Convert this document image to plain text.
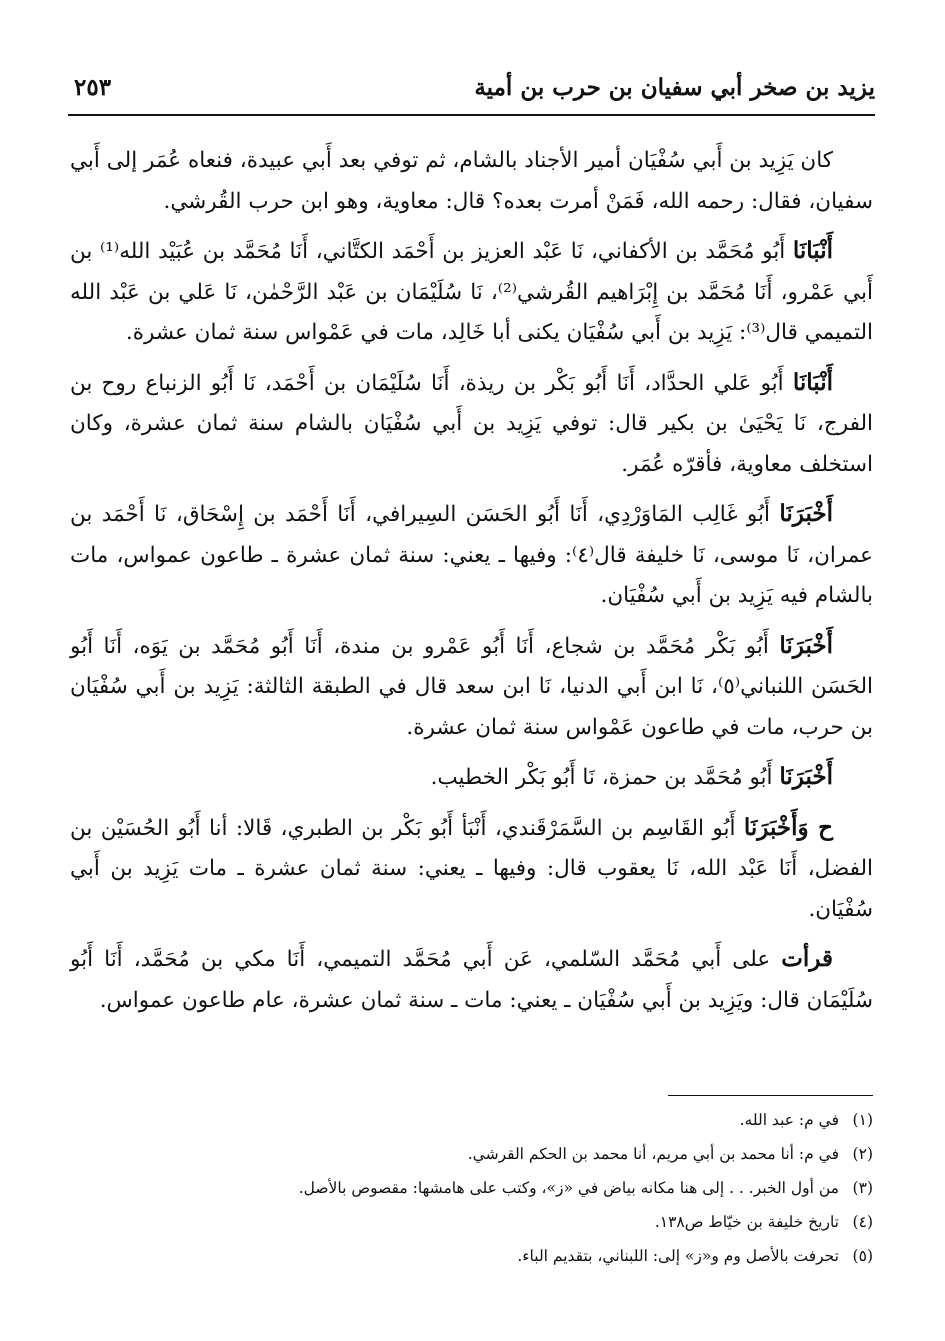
يزيد بن صخر أبي سفيان بن حرب بن أمية
٢٥٣

كان يَزِيد بن أَبي سُفْيَان أمير الأجناد بالشام، ثم توفي بعد أَبي عبيدة، فنعاه عُمَر إلى أَبي سفيان، فقال: رحمه الله، فَمَنْ أمرت بعده؟ قال: معاوية، وهو ابن حرب القُرشي.

أَنْبَانَا أَبُو مُحَمَّد بن الأكفاني، نَا عَبْد العزيز بن أَحْمَد الكتَّاني، أَنَا مُحَمَّد بن عُبَيْد الله⁽¹⁾ بن أَبي عَمْرو، أَنَا مُحَمَّد بن إِبْرَاهيم القُرشي⁽²⁾، نَا سُلَيْمَان بن عَبْد الرَّحْمٰن، نَا عَلي بن عَبْد الله التميمي قال⁽³⁾: يَزِيد بن أَبي سُفْيَان يكنى أبا خَالِد، مات في عَمْواس سنة ثمان عشرة.

أَنْبَانَا أَبُو عَلي الحدَّاد، أَنَا أَبُو بَكْر بن ريذة، أَنَا سُلَيْمَان بن أَحْمَد، نَا أَبُو الزنباع روح بن الفرج، نَا يَحْيَىٰ بن بكير قال: توفي يَزِيد بن أَبي سُفْيَان بالشام سنة ثمان عشرة، وكان استخلف معاوية، فأقرّه عُمَر.

أَخْبَرَنَا أَبُو غَالِب المَاوَرْدِي، أَنَا أَبُو الحَسَن السِيرافي، أَنَا أَحْمَد بن إِسْحَاق، نَا أَحْمَد بن عمران، نَا موسى، نَا خليفة قال⁽٤⁾: وفيها ـ يعني: سنة ثمان عشرة ـ طاعون عمواس، مات بالشام فيه يَزِيد بن أَبي سُفْيَان.

أَخْبَرَنَا أَبُو بَكْر مُحَمَّد بن شجاع، أَنَا أَبُو عَمْرو بن مندة، أَنَا أَبُو مُحَمَّد بن يَوَه، أَنَا أَبُو الحَسَن اللنباني⁽٥⁾، نَا ابن أَبي الدنيا، نَا ابن سعد قال في الطبقة الثالثة: يَزِيد بن أَبي سُفْيَان بن حرب، مات في طاعون عَمْواس سنة ثمان عشرة.

أَخْبَرَنَا أَبُو مُحَمَّد بن حمزة، نَا أَبُو بَكْر الخطيب.

ح وَأَخْبَرَنَا أَبُو القَاسِم بن السَّمَرْقَندي، أَنْبَأ أَبُو بَكْر بن الطبري، قَالا: أنا أَبُو الحُسَيْن بن الفضل، أَنَا عَبْد الله، نَا يعقوب قال: وفيها ـ يعني: سنة ثمان عشرة ـ مات يَزِيد بن أَبي سُفْيَان.

قرأت على أَبي مُحَمَّد السّلمي، عَن أَبي مُحَمَّد التميمي، أَنَا مكي بن مُحَمَّد، أَنَا أَبُو سُلَيْمَان قال: ويَزِيد بن أَبي سُفْيَان ـ يعني: مات ـ سنة ثمان عشرة، عام طاعون عمواس.

(١)
في م: عبد الله.
(٢)
في م: أنا محمد بن أبي مريم، أنا محمد بن الحكم القرشي.
(٣)
من أول الخبر. . . إلى هنا مكانه بياض في «ز»، وكتب على هامشها: مقصوص بالأصل.
(٤)
تاريخ خليفة بن خيّاط ص١٣٨.
(٥)
تحرفت بالأصل وم و«ز» إلى: اللبناني، بتقديم الباء.
